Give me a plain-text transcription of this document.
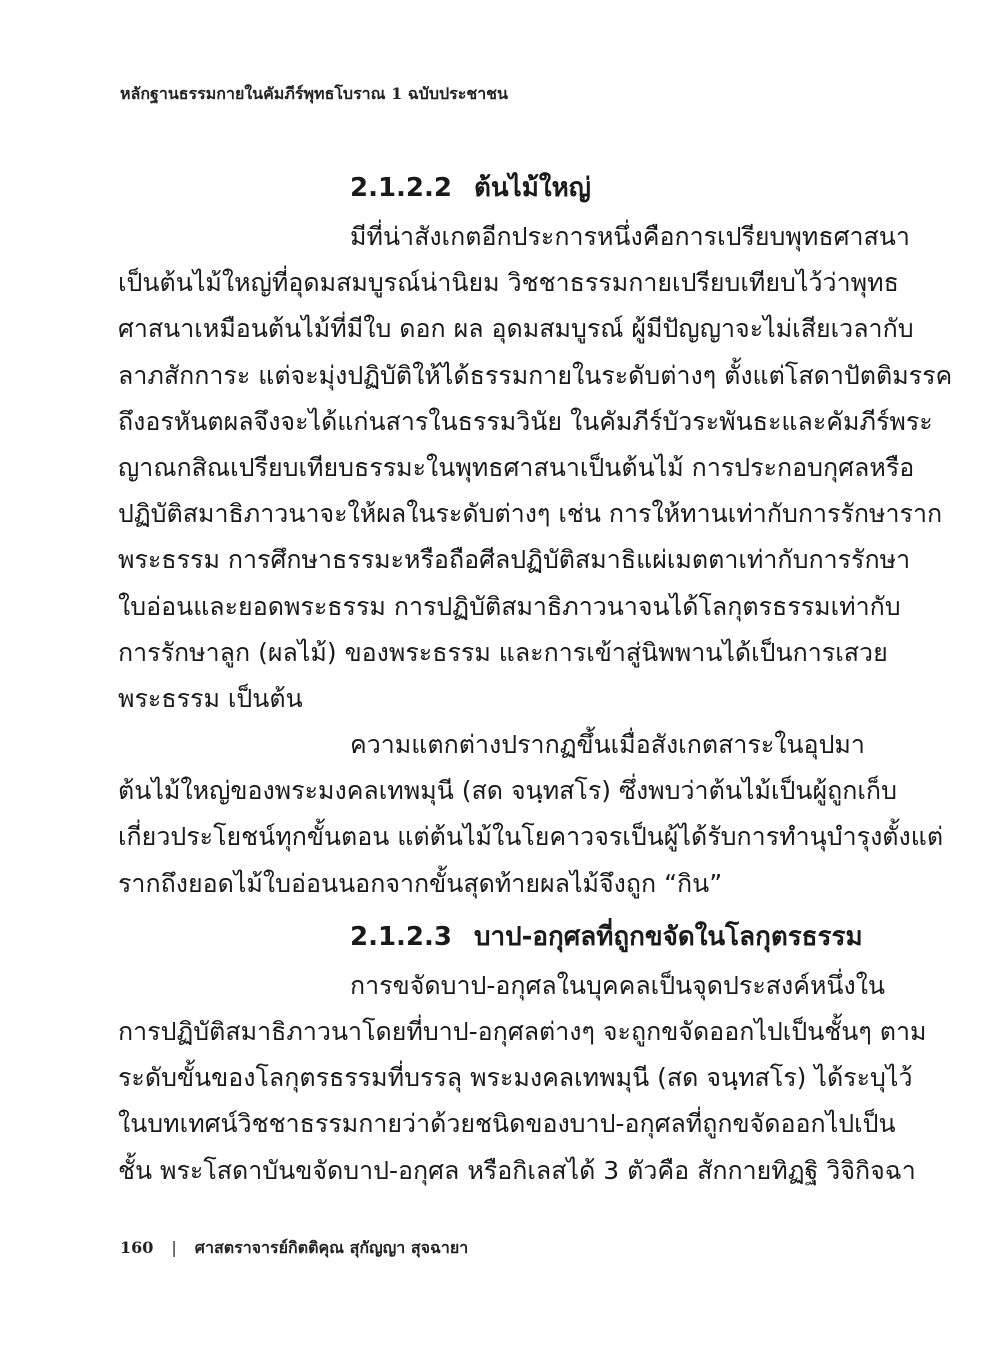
หลักฐานธรรมกายในคัมภีร์พุทธโบราณ 1 ฉบับประชาชน
2.1.2.2 ต้นไม้ใหญ่
มีที่น่าสังเกตอีกประการหนึ่งคือการเปรียบพุทธศาสนา
เป็นต้นไม้ใหญ่ที่อุดมสมบูรณ์น่านิยม วิชชาธรรมกายเปรียบเทียบไว้ว่าพุทธ
ศาสนาเหมือนต้นไม้ที่มีใบ ดอก ผล อุดมสมบูรณ์ ผู้มีปัญญาจะไม่เสียเวลากับ
ลาภสักการะ แต่จะมุ่งปฏิบัติให้ได้ธรรมกายในระดับต่างๆ ตั้งแต่โสดาปัตติมรรค
ถึงอรหันตผลจึงจะได้แก่นสารในธรรมวินัย ในคัมภีร์บัวระพันธะและคัมภีร์พระ
ญาณกสิณเปรียบเทียบธรรมะในพุทธศาสนาเป็นต้นไม้ การประกอบกุศลหรือ
ปฏิบัติสมาธิภาวนาจะให้ผลในระดับต่างๆ เช่น การให้ทานเท่ากับการรักษาราก
พระธรรม การศึกษาธรรมะหรือถือศีลปฏิบัติสมาธิแผ่เมตตาเท่ากับการรักษา
ใบอ่อนและยอดพระธรรม การปฏิบัติสมาธิภาวนาจนได้โลกุตรธรรมเท่ากับ
การรักษาลูก (ผลไม้) ของพระธรรม และการเข้าสู่นิพพานได้เป็นการเสวย
พระธรรม เป็นต้น
ความแตกต่างปรากฏขึ้นเมื่อสังเกตสาระในอุปมา
ต้นไม้ใหญ่ของพระมงคลเทพมุนี (สด จนฺทสโร) ซึ่งพบว่าต้นไม้เป็นผู้ถูกเก็บ
เกี่ยวประโยชน์ทุกขั้นตอน แต่ต้นไม้ในโยคาวจรเป็นผู้ได้รับการทำนุบำรุงตั้งแต่
รากถึงยอดไม้ใบอ่อนนอกจากขั้นสุดท้ายผลไม้จึงถูก “กิน”
2.1.2.3 บาป-อกุศลที่ถูกขจัดในโลกุตรธรรม
การขจัดบาป-อกุศลในบุคคลเป็นจุดประสงค์หนึ่งใน
การปฏิบัติสมาธิภาวนาโดยที่บาป-อกุศลต่างๆ จะถูกขจัดออกไปเป็นชั้นๆ ตาม
ระดับขั้นของโลกุตรธรรมที่บรรลุ พระมงคลเทพมุนี (สด จนฺทสโร) ได้ระบุไว้
ในบทเทศน์วิชชาธรรมกายว่าด้วยชนิดของบาป-อกุศลที่ถูกขจัดออกไปเป็น
ชั้น พระโสดาบันขจัดบาป-อกุศล หรือกิเลสได้ 3 ตัวคือ สักกายทิฏฐิ วิจิกิจฉา
160 | ศาสตราจารย์กิตติคุณ สุกัญญา สุจฉายา
